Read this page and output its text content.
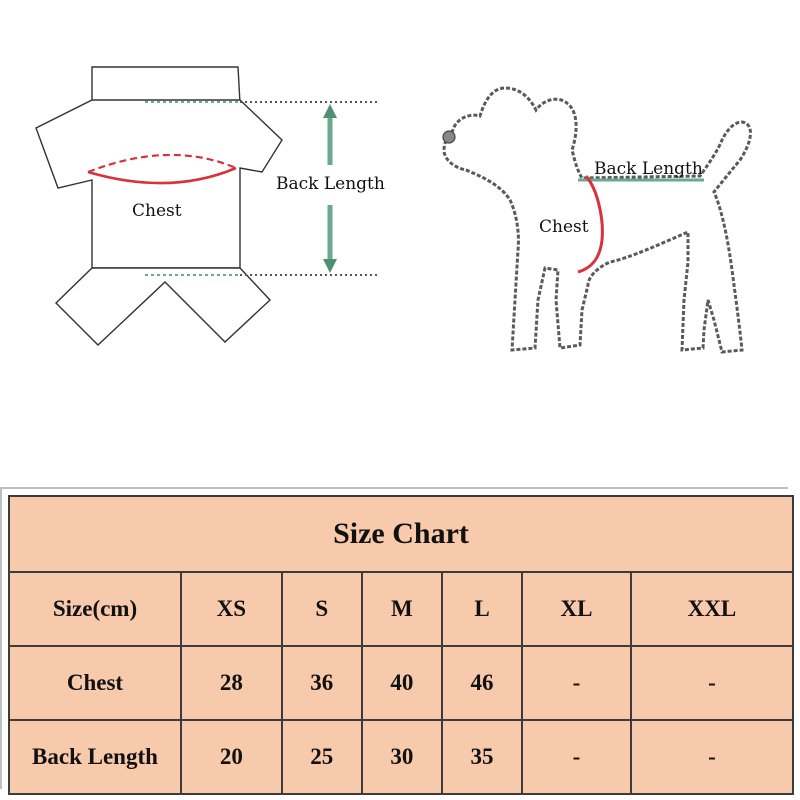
Chest
Back Length
Back Length
Chest
Size Chart						
Size(cm)	XS	S	M	L	XL	XXL
Chest	28	36	40	46	-	-
Back Length	20	25	30	35	-	-
